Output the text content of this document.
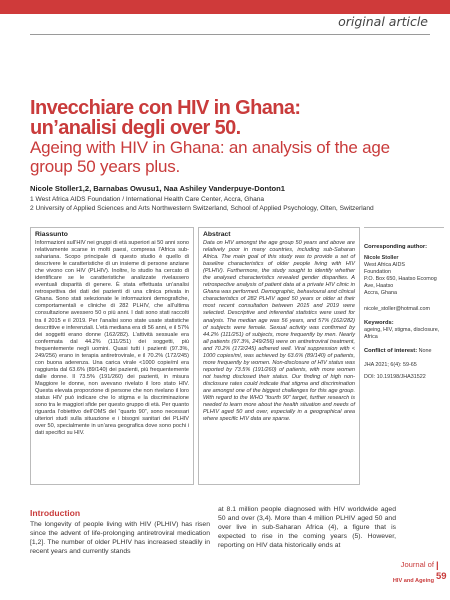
original article
Invecchiare con HIV in Ghana: un’analisi degli over 50.
Ageing with HIV in Ghana: an analysis of the age group 50 years plus.
Nicole Stoller1,2, Barnabas Owusu1, Naa Ashiley Vanderpuye-Donton1
1 West Africa AIDS Foundation / International Health Care Center, Accra, Ghana
2 University of Applied Sciences and Arts Northwestern Switzerland, School of Applied Psychology, Olten, Switzerland
Riassunto
Informazioni sull’HIV nei gruppi di età superiori ai 50 anni sono relativamente scarse in molti paesi, compresa l’Africa sub-sahariana. Scopo principale di questo studio è quello di descrivere le caratteristiche di un insieme di persone anziane che vivono con HIV (PLHIV). Inoltre, lo studio ha cercato di identificare se le caratteristiche analizzate rivelassero eventuali disparità di genere. È stata effettuata un’analisi retrospettiva dei dati dei pazienti di una clinica privata in Ghana. Sono stati selezionate le informazioni demografiche, comportamentali e cliniche di 282 PLHIV, che all’ultima consultazione avessero 50 o più anni. I dati sono stati raccolti tra il 2015 e il 2019. Per l’analisi sono state usate statistiche descrittive e inferenziali. L’età mediana era di 56 anni, e il 57% dei soggetti erano donne (162/282). L’attività sessuale era confermata dal 44.2% (111/251) dei soggetti, più frequentemente negli uomini. Quasi tutti i pazienti (97.3%, 249/256) erano in terapia antiretrovirale, e il 70.2% (172/245) con buona aderenza. Una carica virale <1000 copie/ml era raggiunta dal 63.6% (89/140) dei pazienti, più frequentemente dalle donne. Il 73.5% (191/260) dei pazienti, in misura Maggiore le donne, non avevano rivelato il loro stato HIV. Questa elevata proporzione di persone che non rivelano il loro status HIV può indicare che lo stigma e la discriminazione sono tra le maggiori sfide per questo gruppo di età. Per quanto riguarda l’obiettivo dell’OMS del “quarto 90”, sono necessari ulteriori studi sulla situazione e i bisogni sanitari dei PLHIV over 50, specialmente in un’area geografica dove sono pochi i dati specifici su HIV.
Abstract
Data on HIV amongst the age group 50 years and above are relatively poor in many countries, including sub-Saharan Africa. The main goal of this study was to provide a set of baseline characteristics of older people living with HIV (PLHIV). Furthermore, the study sought to identify whether the analysed characteristics revealed gender disparities. A retrospective analysis of patient data at a private HIV clinic in Ghana was performed. Demographic, behavioural and clinical characteristics of 282 PLHIV aged 50 years or older at their most recent consultation between 2015 and 2019 were selected. Descriptive and inferential statistics were used for analysis. The median age was 56 years, and 57% (162/282) of subjects were female. Sexual activity was confirmed by 44.2% (111/251) of subjects, more frequently by men. Nearly all patients (97.3%, 249/256) were on antiretroviral treatment, and 70.2% (172/245) adhered well. Viral suppression with < 1000 copies/ml, was achieved by 63.6% (89/140) of patients, more frequently by women. Non-disclosure of HIV status was reported by 73.5% (191/260) of patients, with more women not having disclosed their status. Our finding of high non-disclosure rates could indicate that stigma and discrimination are amongst one of the biggest challenges for this age group. With regard to the WHO “fourth 90” target, further research is needed to learn more about the health situation and needs of PLHIV aged 50 and over, especially in a geographical area where specific HIV data are sparse.
Corresponding author:
Nicole Stoller
West Africa AIDS
Foundation
P.O. Box 650, Haatso Ecomog
Ave, Haatso
Accra, Ghana
nicole_stoller@hotmail.com
Keywords:
ageing, HIV, stigma, disclosure, Africa
Conflict of interest: None
JHA 2021; 6(4): 59-65
DOI: 10.19198/JHA31522
Introduction
The longevity of people living with HIV (PLHIV) has risen since the advent of life-prolonging antiretroviral medication [1,2]. The number of older PLHIV has increased steadily in recent years and currently stands
at 8.1 million people diagnosed with HIV worldwide aged 50 and over (3,4). More than 4 million PLHIV aged 50 and over live in sub-Saharan Africa (4), a figure that is expected to rise in the coming years (5). However, reporting on HIV data historically ends at
Journal of | 59
HIV and Ageing
